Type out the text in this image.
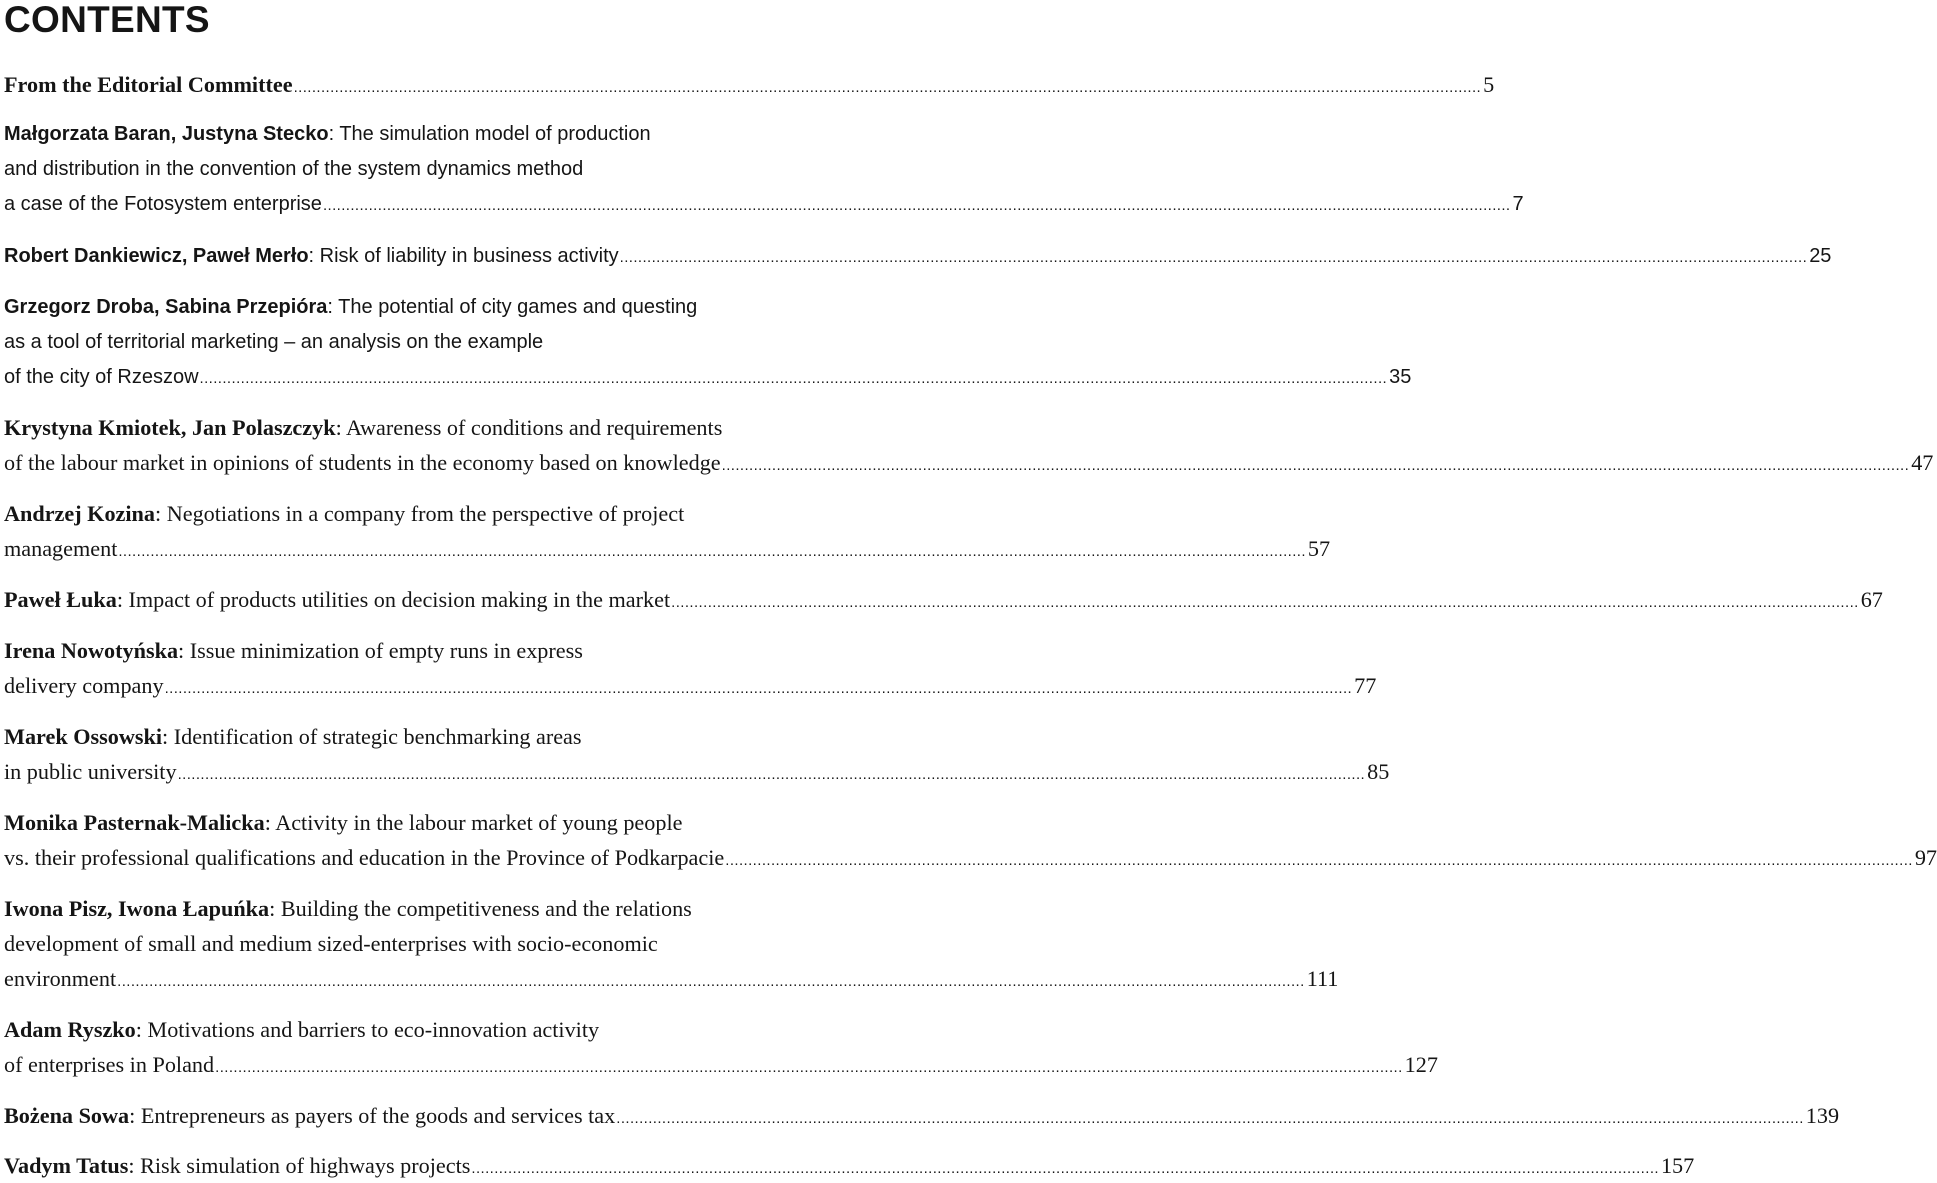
CONTENTS
From the Editorial Committee .................................................................................................................................................................................................................................................................... 5
Małgorzata Baran, Justyna Stecko: The simulation model of production
and distribution in the convention of the system dynamics method
a case of the Fotosystem enterprise .................................................................................................................................................................................................................................................................... 7
Robert Dankiewicz, Paweł Merło: Risk of liability in business activity .................................................................................................................................................................................................................................................................... 25
Grzegorz Droba, Sabina Przepióra: The potential of city games and questing
as a tool of territorial marketing – an analysis on the example
of the city of Rzeszow .................................................................................................................................................................................................................................................................... 35
Krystyna Kmiotek, Jan Polaszczyk: Awareness of conditions and requirements
of the labour market in opinions of students in the economy based on knowledge .................................................................................................................................................................................................................................................................... 47
Andrzej Kozina: Negotiations in a company from the perspective of project
management .................................................................................................................................................................................................................................................................... 57
Paweł Łuka: Impact of products utilities on decision making in the market .................................................................................................................................................................................................................................................................... 67
Irena Nowotyńska: Issue minimization of empty runs in express
delivery company .................................................................................................................................................................................................................................................................... 77
Marek Ossowski: Identification of strategic benchmarking areas
in public university .................................................................................................................................................................................................................................................................... 85
Monika Pasternak-Malicka: Activity in the labour market of young people
vs. their professional qualifications and education in the Province of Podkarpacie .................................................................................................................................................................................................................................................................... 97
Iwona Pisz, Iwona Łapuńka: Building the competitiveness and the relations
development of small and medium sized-enterprises with socio-economic
environment .................................................................................................................................................................................................................................................................... 111
Adam Ryszko: Motivations and barriers to eco-innovation activity
of enterprises in Poland .................................................................................................................................................................................................................................................................... 127
Bożena Sowa: Entrepreneurs as payers of the goods and services tax .................................................................................................................................................................................................................................................................... 139
Vadym Tatus: Risk simulation of highways projects .................................................................................................................................................................................................................................................................... 157
